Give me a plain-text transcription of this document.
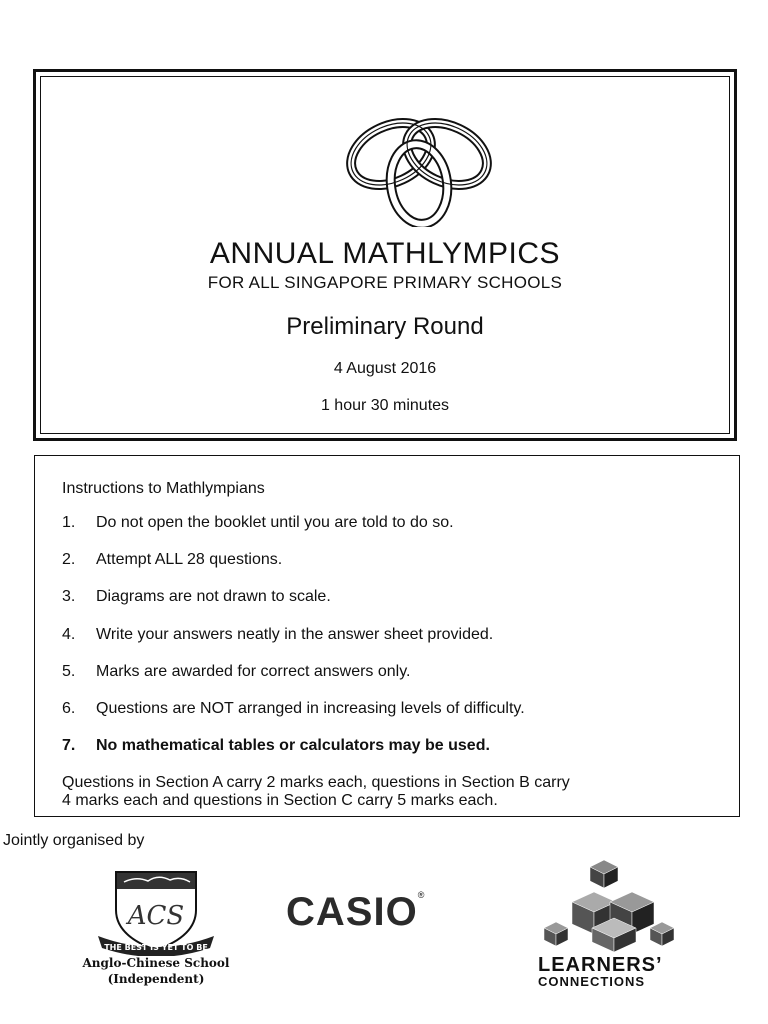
ANNUAL MATHLYMPICS
FOR ALL SINGAPORE PRIMARY SCHOOLS
Preliminary Round
4 August 2016
1 hour 30 minutes
Instructions to Mathlympians
1.	Do not open the booklet until you are told to do so.
2.	Attempt ALL 28 questions.
3.	Diagrams are not drawn to scale.
4.	Write your answers neatly in the answer sheet provided.
5.	Marks are awarded for correct answers only.
6.	Questions are NOT arranged in increasing levels of difficulty.
7.	No mathematical tables or calculators may be used.
Questions in Section A carry 2 marks each, questions in Section B carry
4 marks each and questions in Section C carry 5 marks each.
Jointly organised by
ACS
THE BEST IS YET TO BE
Anglo-Chinese School
(Independent)
CASIO®
LEARNERS’
CONNECTIONS
